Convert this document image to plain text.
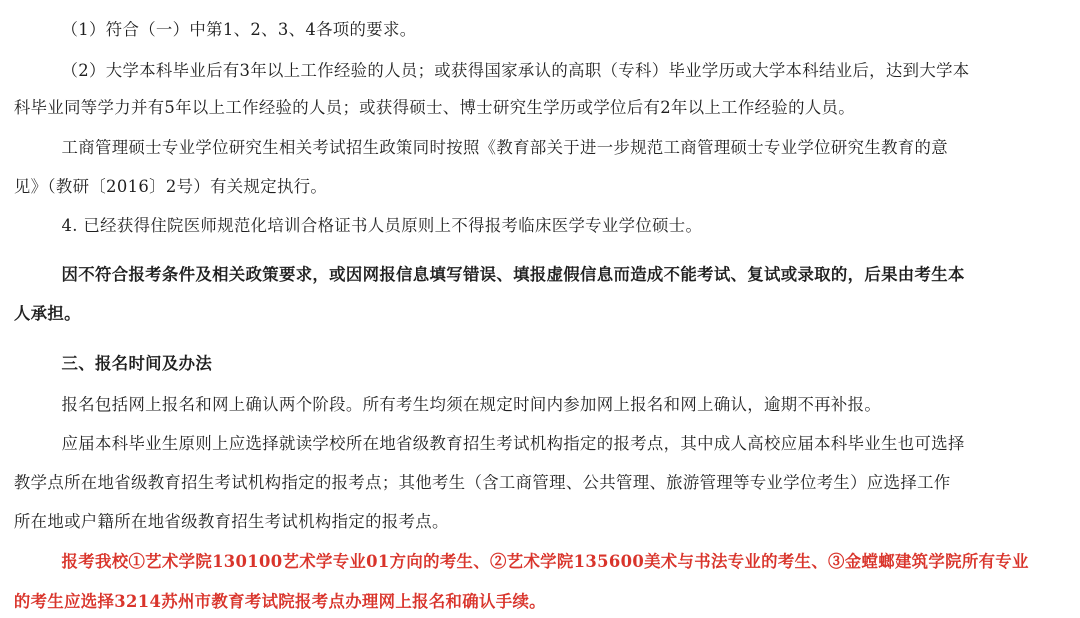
（1）符合（一）中第1、2、3、4各项的要求。
（2）大学本科毕业后有3年以上工作经验的人员；或获得国家承认的高职（专科）毕业学历或大学本科结业后，达到大学本
科毕业同等学力并有5年以上工作经验的人员；或获得硕士、博士研究生学历或学位后有2年以上工作经验的人员。
工商管理硕士专业学位研究生相关考试招生政策同时按照《教育部关于进一步规范工商管理硕士专业学位研究生教育的意
见》（教研〔2016〕2号）有关规定执行。
4. 已经获得住院医师规范化培训合格证书人员原则上不得报考临床医学专业学位硕士。
因不符合报考条件及相关政策要求，或因网报信息填写错误、填报虚假信息而造成不能考试、复试或录取的，后果由考生本
人承担。
三、报名时间及办法
报名包括网上报名和网上确认两个阶段。所有考生均须在规定时间内参加网上报名和网上确认，逾期不再补报。
应届本科毕业生原则上应选择就读学校所在地省级教育招生考试机构指定的报考点，其中成人高校应届本科毕业生也可选择
教学点所在地省级教育招生考试机构指定的报考点；其他考生（含工商管理、公共管理、旅游管理等专业学位考生）应选择工作
所在地或户籍所在地省级教育招生考试机构指定的报考点。
报考我校①艺术学院130100艺术学专业01方向的考生、②艺术学院135600美术与书法专业的考生、③金螳螂建筑学院所有专业
的考生应选择3214苏州市教育考试院报考点办理网上报名和确认手续。
